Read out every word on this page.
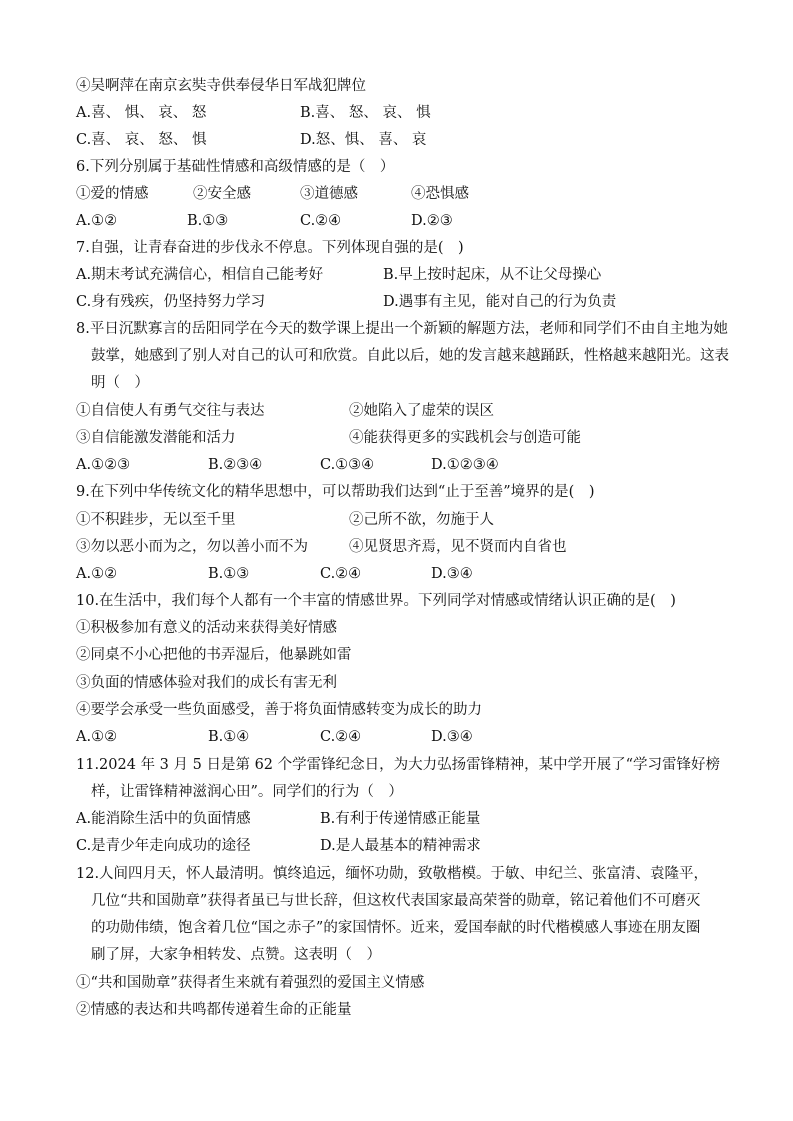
④吴啊萍在南京玄奘寺供奉侵华日军战犯牌位
A.喜、 惧、 哀、 怒	B.喜、 怒、 哀、 惧
C.喜、 哀、 怒、 惧	D.怒、惧、 喜、 哀
6.下列分别属于基础性情感和高级情感的是（　）
①爱的情感	②安全感	③道德感	④恐惧感
A.①②	B.①③	C.②④	D.②③
7.自强，让青春奋进的步伐永不停息。下列体现自强的是(　)
A.期末考试充满信心，相信自己能考好	B.早上按时起床，从不让父母操心
C.身有残疾，仍坚持努力学习	D.遇事有主见，能对自己的行为负责
8.平日沉默寡言的岳阳同学在今天的数学课上提出一个新颖的解题方法，老师和同学们不由自主地为她
鼓掌，她感到了别人对自己的认可和欣赏。自此以后，她的发言越来越踊跃，性格越来越阳光。这表
明（　）
①自信使人有勇气交往与表达	②她陷入了虚荣的误区
③自信能激发潜能和活力	④能获得更多的实践机会与创造可能
A.①②③	B.②③④	C.①③④	D.①②③④
9.在下列中华传统文化的精华思想中，可以帮助我们达到“止于至善”境界的是(　)
①不积跬步，无以至千里	②己所不欲，勿施于人
③勿以恶小而为之，勿以善小而不为	④见贤思齐焉，见不贤而内自省也
A.①②	B.①③	C.②④	D.③④
10.在生活中，我们每个人都有一个丰富的情感世界。下列同学对情感或情绪认识正确的是(　)
①积极参加有意义的活动来获得美好情感
②同桌不小心把他的书弄湿后，他暴跳如雷
③负面的情感体验对我们的成长有害无利
④要学会承受一些负面感受，善于将负面情感转变为成长的助力
A.①②	B.①④	C.②④	D.③④
11.2024 年 3 月 5 日是第 62 个学雷锋纪念日，为大力弘扬雷锋精神，某中学开展了“学习雷锋好榜
样，让雷锋精神滋润心田”。同学们的行为（　）
A.能消除生活中的负面情感	B.有利于传递情感正能量
C.是青少年走向成功的途径	D.是人最基本的精神需求
12.人间四月天，怀人最清明。慎终追远，缅怀功勋，致敬楷模。于敏、申纪兰、张富清、袁隆平，
几位“共和国勋章”获得者虽已与世长辞，但这枚代表国家最高荣誉的勋章，铭记着他们不可磨灭
的功勋伟绩，饱含着几位“国之赤子”的家国情怀。近来，爱国奉献的时代楷模感人事迹在朋友圈
刷了屏，大家争相转发、点赞。这表明（　）
①“共和国勋章”获得者生来就有着强烈的爱国主义情感
②情感的表达和共鸣都传递着生命的正能量
